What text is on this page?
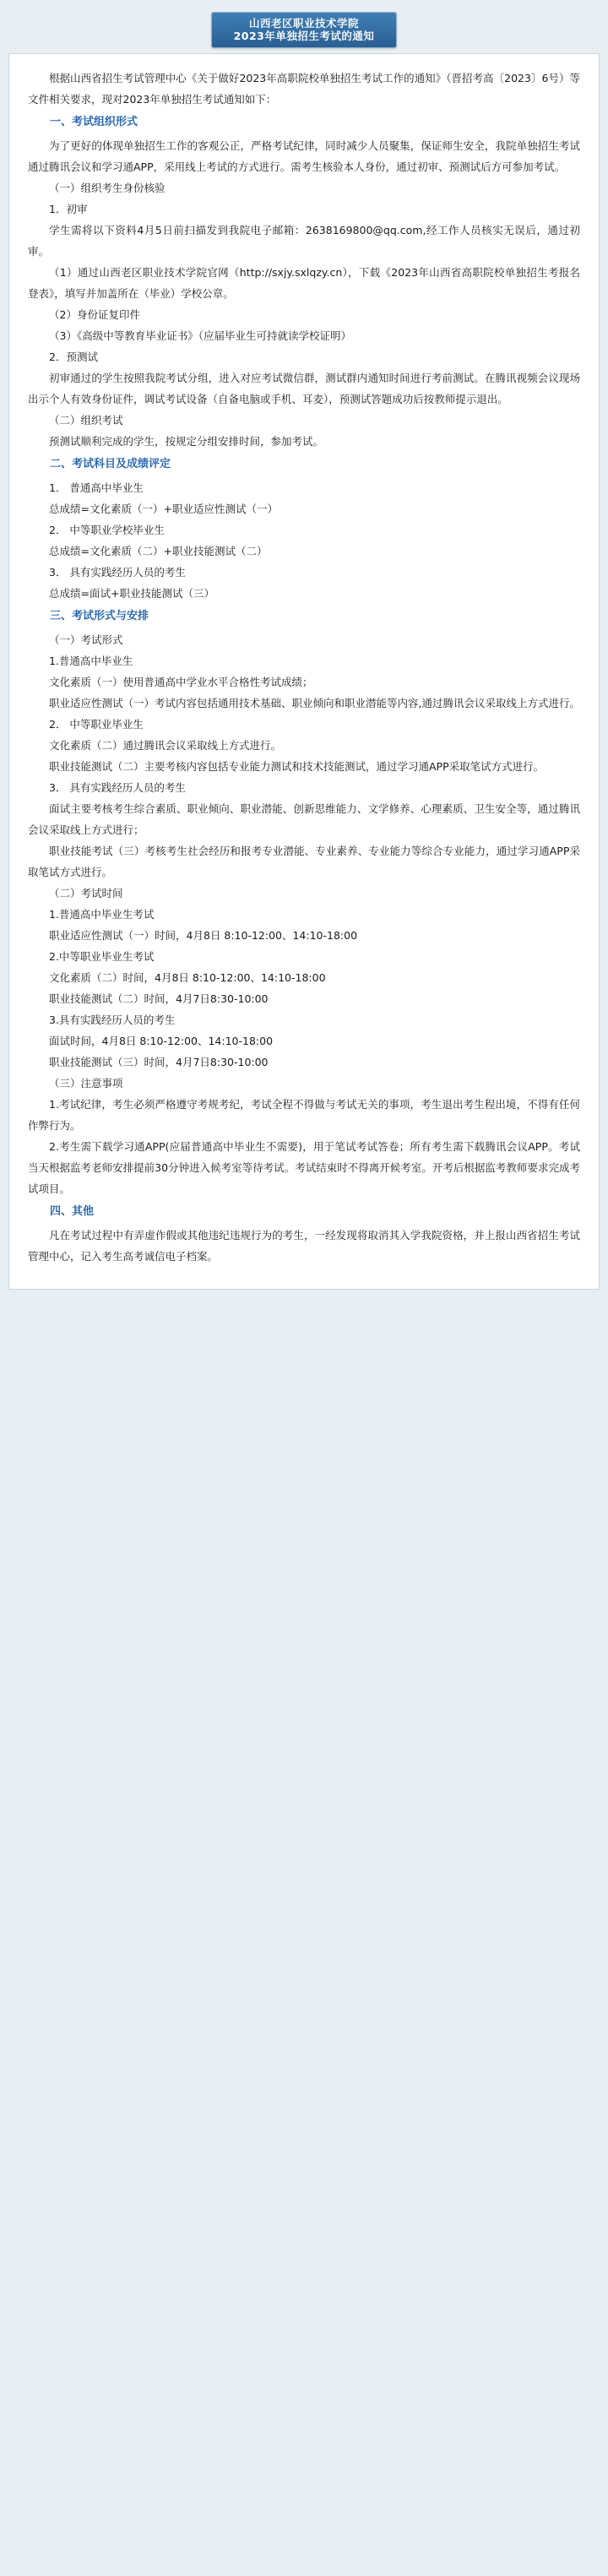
山西老区职业技术学院
2023年单独招生考试的通知

根据山西省招生考试管理中心《关于做好2023年高职院校单独招生考试工作的通知》（晋招考高〔2023〕6号）等文件相关要求，现对2023年单独招生考试通知如下：

一、考试组织形式

为了更好的体现单独招生工作的客观公正，严格考试纪律，同时减少人员聚集，保证师生安全，我院单独招生考试通过腾讯会议和学习通APP，采用线上考试的方式进行。需考生核验本人身份，通过初审、预测试后方可参加考试。

（一）组织考生身份核验

1．初审

学生需将以下资料4月5日前扫描发到我院电子邮箱：2638169800@qq.com,经工作人员核实无误后，通过初审。

（1）通过山西老区职业技术学院官网（http://sxjy.sxlqzy.cn），下载《2023年山西省高职院校单独招生考报名登表》，填写并加盖所在（毕业）学校公章。

（2）身份证复印件

（3）《高级中等教育毕业证书》（应届毕业生可持就读学校证明）

2．预测试

初审通过的学生按照我院考试分组，进入对应考试微信群，测试群内通知时间进行考前测试。在腾讯视频会议现场出示个人有效身份证件，调试考试设备（自备电脑或手机、耳麦），预测试答题成功后按教师提示退出。

（二）组织考试

预测试顺利完成的学生，按规定分组安排时间，参加考试。

二、考试科目及成绩评定

1． 普通高中毕业生

总成绩=文化素质（一）+职业适应性测试（一）

2． 中等职业学校毕业生

总成绩=文化素质（二）+职业技能测试（二）

3． 具有实践经历人员的考生

总成绩=面试+职业技能测试（三）

三、考试形式与安排

（一）考试形式

1.普通高中毕业生

文化素质（一）使用普通高中学业水平合格性考试成绩；

职业适应性测试（一）考试内容包括通用技术基础、职业倾向和职业潜能等内容,通过腾讯会议采取线上方式进行。

2． 中等职业毕业生

文化素质（二）通过腾讯会议采取线上方式进行。

职业技能测试（二）主要考核内容包括专业能力测试和技术技能测试，通过学习通APP采取笔试方式进行。

3． 具有实践经历人员的考生

面试主要考核考生综合素质、职业倾向、职业潜能、创新思维能力、文学修养、心理素质、卫生安全等，通过腾讯会议采取线上方式进行；

职业技能考试（三）考核考生社会经历和报考专业潜能、专业素养、专业能力等综合专业能力，通过学习通APP采取笔试方式进行。

（二）考试时间

1.普通高中毕业生考试

职业适应性测试（一）时间，4月8日 8:10-12:00、14:10-18:00

2.中等职业毕业生考试

文化素质（二）时间，4月8日 8:10-12:00、14:10-18:00

职业技能测试（二）时间，4月7日8:30-10:00

3.具有实践经历人员的考生

面试时间，4月8日 8:10-12:00、14:10-18:00

职业技能测试（三）时间，4月7日8:30-10:00

（三）注意事项

1.考试纪律，考生必须严格遵守考规考纪，考试全程不得做与考试无关的事项，考生退出考生程出境，不得有任何作弊行为。

2.考生需下载学习通APP(应届普通高中毕业生不需要)，用于笔试考试答卷；所有考生需下载腾讯会议APP。考试当天根据监考老师安排提前30分钟进入候考室等待考试。考试结束时不得离开候考室。开考后根据监考教师要求完成考试项目。

四、其他

凡在考试过程中有弄虚作假或其他违纪违规行为的考生，一经发现将取消其入学我院资格，并上报山西省招生考试管理中心，记入考生高考诚信电子档案。
